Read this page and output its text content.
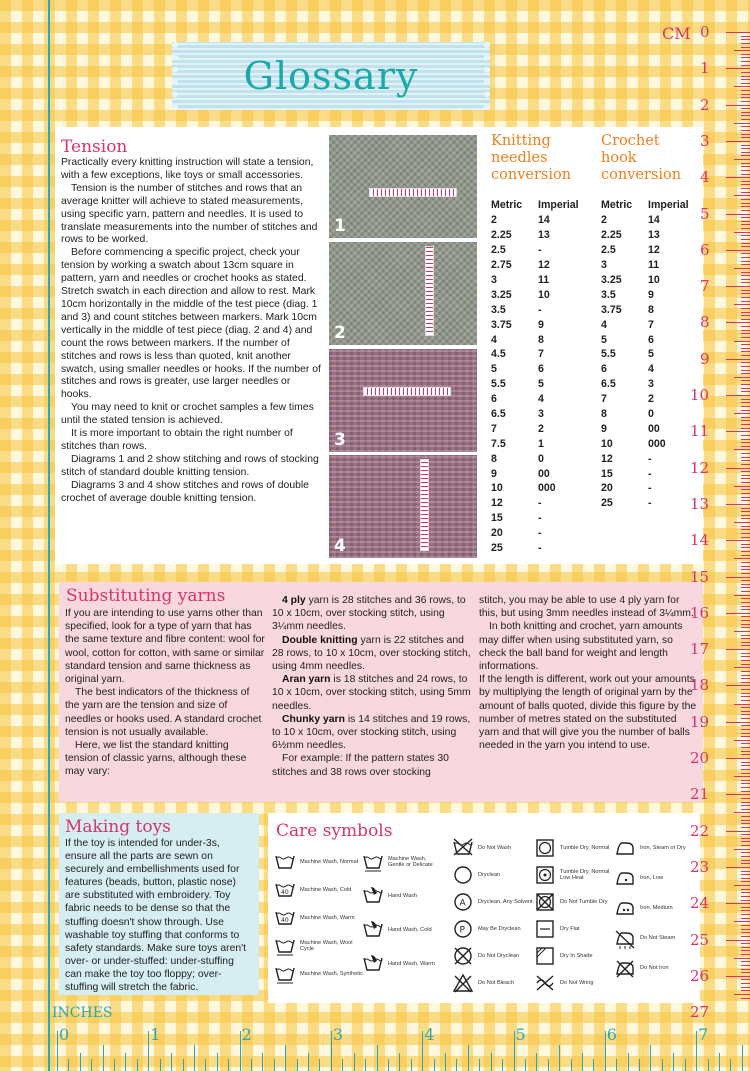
Glossary
Tension

Practically every knitting instruction will state a tension, with a few exceptions, like toys or small accessories.

Tension is the number of stitches and rows that an average knitter will achieve to stated measurements, using specific yarn, pattern and needles. It is used to translate measurements into the number of stitches and rows to be worked.

Before commencing a specific project, check your tension by working a swatch about 13cm square in pattern, yarn and needles or crochet hooks as stated. Stretch swatch in each direction and allow to rest. Mark 10cm horizontally in the middle of the test piece (diag. 1 and 3) and count stitches between markers. Mark 10cm vertically in the middle of test piece (diag. 2 and 4) and count the rows between markers. If the number of stitches and rows is less than quoted, knit another swatch, using smaller needles or hooks. If the number of stitches and rows is greater, use larger needles or hooks.

You may need to knit or crochet samples a few times until the stated tension is achieved.

It is more important to obtain the right number of stitches than rows.

Diagrams 1 and 2 show stitching and rows of stocking stitch of standard double knitting tension.

Diagrams 3 and 4 show stitches and rows of double crochet of average double knitting tension.

1
2
3
4
Knitting
needles
conversion
Metric	Imperial
2	14
2.25	13
2.5	-
2.75	12
3	11
3.25	10
3.5	-
3.75	9
4	8
4.5	7
5	6
5.5	5
6	4
6.5	3
7	2
7.5	1
8	0
9	00
10	000
12	-
15	-
20	-
25	-
Crochet
hook
conversion
Metric	Imperial
2	14
2.25	13
2.5	12
3	11
3.25	10
3.5	9
3.75	8
4	7
5	6
5.5	5
6	4
6.5	3
7	2
8	0
9	00
10	000
12	-
15	-
20	-
25	-
Substituting yarns

If you are intending to use yarns other than specified, look for a type of yarn that has the same texture and fibre content: wool for wool, cotton for cotton, with same or similar standard tension and same thickness as original yarn.

The best indicators of the thickness of the yarn are the tension and size of needles or hooks used. A standard crochet tension is not usually available.

Here, we list the standard knitting tension of classic yarns, although these may vary:

4 ply yarn is 28 stitches and 36 rows, to 10 x 10cm, over stocking stitch, using 3¼mm needles.

Double knitting yarn is 22 stitches and 28 rows, to 10 x 10cm, over stocking stitch, using 4mm needles.

Aran yarn is 18 stitches and 24 rows, to 10 x 10cm, over stocking stitch, using 5mm needles.

Chunky yarn is 14 stitches and 19 rows, to 10 x 10cm, over stocking stitch, using 6½mm needles.

For example: If the pattern states 30 stitches and 38 rows over stocking

stitch, you may be able to use 4 ply yarn for this, but using 3mm needles instead of 3¼mm.

In both knitting and crochet, yarn amounts may differ when using substituted yarn, so check the ball band for weight and length informations.

If the length is different, work out your amounts by multiplying the length of original yarn by the amount of balls quoted, divide this figure by the number of metres stated on the substituted yarn and that will give you the number of balls needed in the yarn you intend to use.

Making toys

If the toy is intended for under-3s, ensure all the parts are sewn on securely and embellishments used for features (beads, button, plastic nose) are substituted with embroidery. Toy fabric needs to be dense so that the stuffing doesn't show through. Use washable toy stuffing that conforms to safety standards. Make sure toys aren't over- or under-stuffed: under-stuffing can make the toy too floppy; over-stuffing will stretch the fabric.

Care symbols
Machine Wash, Normal
40 Machine Wash, Cold
40 Machine Wash, Warm
Machine Wash, Wool Cycle
Machine Wash, Synthetic
Machine Wash, Gentle or Delicate
Hand Wash
Hand Wash, Cold
Hand Wash, Warm
Do Not Wash
Dryclean
A Dryclean, Any Solvent
P May Be Dryclean
Do Not Dryclean
Do Not Bleach
Tumble Dry, Normal
Tumble Dry, Normal Low Heat
Do Not Tumble Dry
Dry Flat
Dry In Shade
Do Not Wring
Iron, Steam or Dry
Iron, Low
Iron, Medium
Do Not Steam
Do Not Iron
CM 0
1
2
3
4
5
6
7
8
9
10
11
12
13
14
15
16
17
18
19
20
21
22
23
24
25
26
27
INCHES
0	1	2	3	4	5	6	7
